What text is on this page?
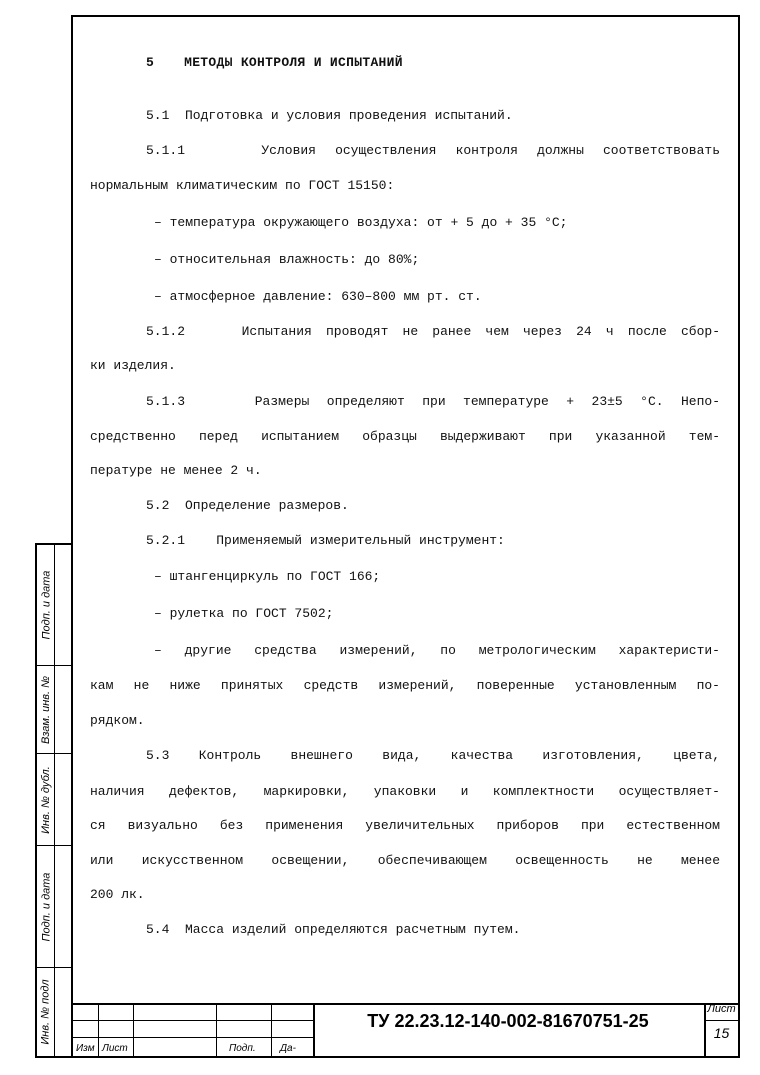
Подп. и дата
Взам. инв. №
Инв. № дубл.
Подп. и дата
Инв. № подл
5 МЕТОДЫ КОНТРОЛЯ И ИСПЫТАНИЙ
5.1  Подготовка и условия проведения испытаний.
5.1.1    Условия осуществления контроля должны соответствовать
нормальным климатическим по ГОСТ 15150:
– температура окружающего воздуха: от + 5 до + 35 °С;
– относительная влажность: до 80%;
– атмосферное давление: 630–800 мм рт. ст.
5.1.2    Испытания проводят не ранее чем через 24 ч после сбор-
ки изделия.
5.1.3    Размеры определяют при температуре + 23±5 °С. Непо-
средственно перед испытанием образцы выдерживают при указанной тем-
пературе не менее 2 ч.
5.2  Определение размеров.
5.2.1    Применяемый измерительный инструмент:
– штангенциркуль по ГОСТ 166;
– рулетка по ГОСТ 7502;
– другие средства измерений, по метрологическим характеристи-
кам не ниже принятых средств измерений, поверенные установленным по-
рядком.
5.3  Контроль  внешнего  вида,  качества  изготовления,  цвета,
наличия дефектов, маркировки, упаковки и комплектности осуществляет-
ся визуально без применения увеличительных приборов при естественном
или  искусственном  освещении,  обеспечивающем  освещенность  не  менее
200 лк.
5.4  Масса изделий определяются расчетным путем.
Изм Лист	Подп. Да-
ТУ 22.23.12-140-002-81670751-25
Лист
15
